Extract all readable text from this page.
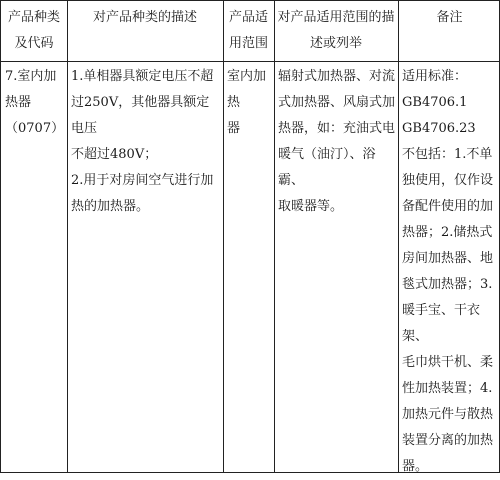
产品种类
及代码
对产品种类的描述	产品适
用范围
对产品适用范围的描
述或列举
备注
7.室内加
热器
（0707）
1.单相器具额定电压不超
过250V，其他器具额定电压
不超过480V；
2.用于对房间空气进行加
热的加热器。
室内加热
器
辐射式加热器、对流
式加热器、风扇式加
热器，如：充油式电
暖气（油汀）、浴霸、
取暖器等。
适用标准：
GB4706.1
GB4706.23
不包括：1.不单
独使用，仅作设
备配件使用的加
热器；2.储热式
房间加热器、地
毯式加热器；3.
暖手宝、干衣架、
毛巾烘干机、柔
性加热装置；4.
加热元件与散热
装置分离的加热
器。
